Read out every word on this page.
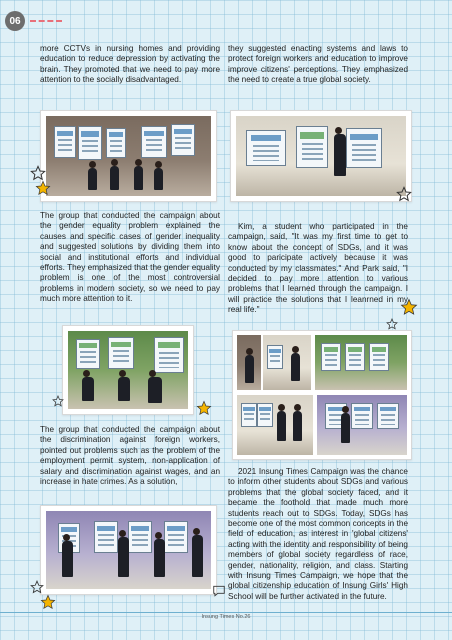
06

more CCTVs in nursing homes and providing education to reduce depression by activating the brain. They promoted that we need to pay more attention to the socially disadvantaged.

they suggested enacting systems and laws to protect foreign workers and education to improve improve citizens' perceptions. They emphasized the need to create a true global society.

The group that conducted the campaign about the gender equality problem explained the causes and specific cases of gender inequality and suggested solutions by dividing them into social and institutional efforts and individual efforts. They emphasized that the gender equality problem is one of the most controversial problems in modern society, so we need to pay much more attention to it.

Kim, a student who participated in the campaign, said, "It was my first time to get to know about the concept of SDGs, and it was good to paricipate actively because it was conducted by my classmates." And Park said, "I decided to pay more attention to various problems that I learned through the campaign. I will practice the solutions that I leanrned in my real life."

The group that conducted the campaign about the discrimination against foreign workers, pointed out problems such as the problem of the employment permit system, non-application of salary and discrimination against wages, and an increase in hate crimes. As a solution,

2021 Insung Times Campaign was the chance to inform other students about SDGs and various problems that the global society faced, and it became the foothold that made much more students reach out to SDGs. Today, SDGs has become one of the most common concepts in the field of education, as interest in 'global citizens' acting with the identity and responsibility of being members of global society regardless of race, gender, nationality, religion, and class. Starting with Insung Times Campaign, we hope that the global citizenship education of Insung Girls' High School will be further activated in the future.

Insung Times No.26
